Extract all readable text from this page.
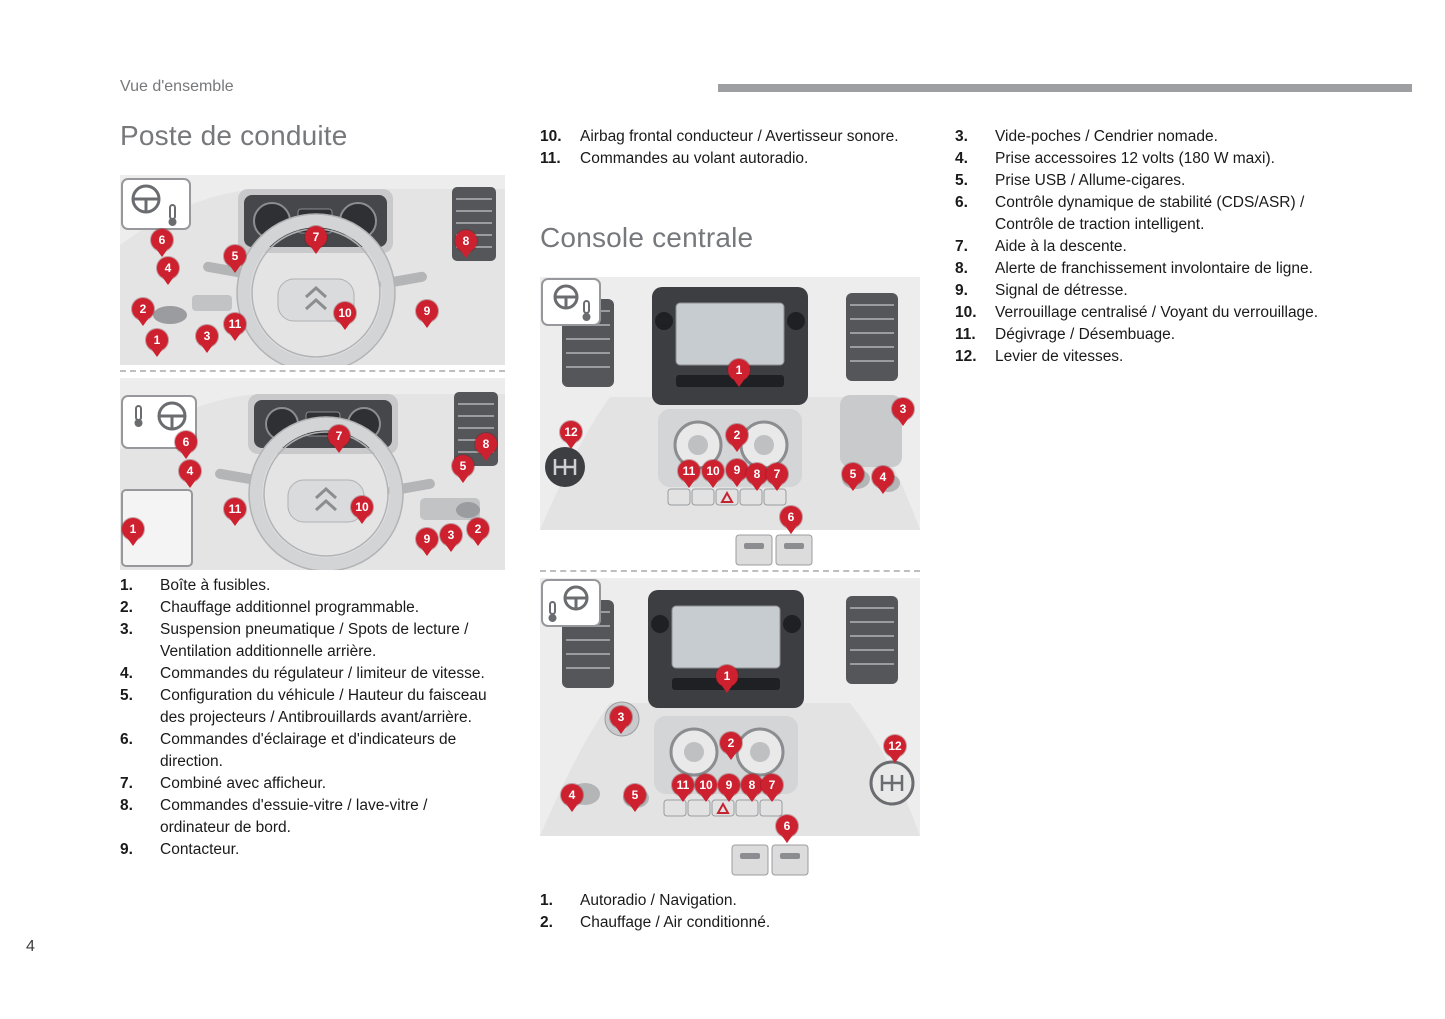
Vue d'ensemble
Poste de conduite
Console centrale
6
4
5
7	8
2
1	3
11
10	9
6
4
7
8
5
11	10
1
9	3	2
1
12	2
3
11 10	9	8	7	5	4
6
1
3
2	12
4	5
11 10	9	8	7
6
1.	Boîte à fusibles.
2.	Chauffage additionnel programmable.
3.	Suspension pneumatique / Spots de lecture / Ventilation additionnelle arrière.
4.	Commandes du régulateur / limiteur de vitesse.
5.	Configuration du véhicule / Hauteur du faisceau des projecteurs / Antibrouillards avant/arrière.
6.	Commandes d'éclairage et d'indicateurs de direction.
7.	Combiné avec afficheur.
8.	Commandes d'essuie-vitre / lave-vitre / ordinateur de bord.
9.	Contacteur.
10.	Airbag frontal conducteur / Avertisseur sonore.
11.	Commandes au volant autoradio.
1.	Autoradio / Navigation.
2.	Chauffage / Air conditionné.
3.	Vide-poches / Cendrier nomade.
4.	Prise accessoires 12 volts (180 W maxi).
5.	Prise USB / Allume-cigares.
6.	Contrôle dynamique de stabilité (CDS/ASR) / Contrôle de traction intelligent.
7.	Aide à la descente.
8.	Alerte de franchissement involontaire de ligne.
9.	Signal de détresse.
10.	Verrouillage centralisé / Voyant du verrouillage.
11.	Dégivrage / Désembuage.
12.	Levier de vitesses.
4
